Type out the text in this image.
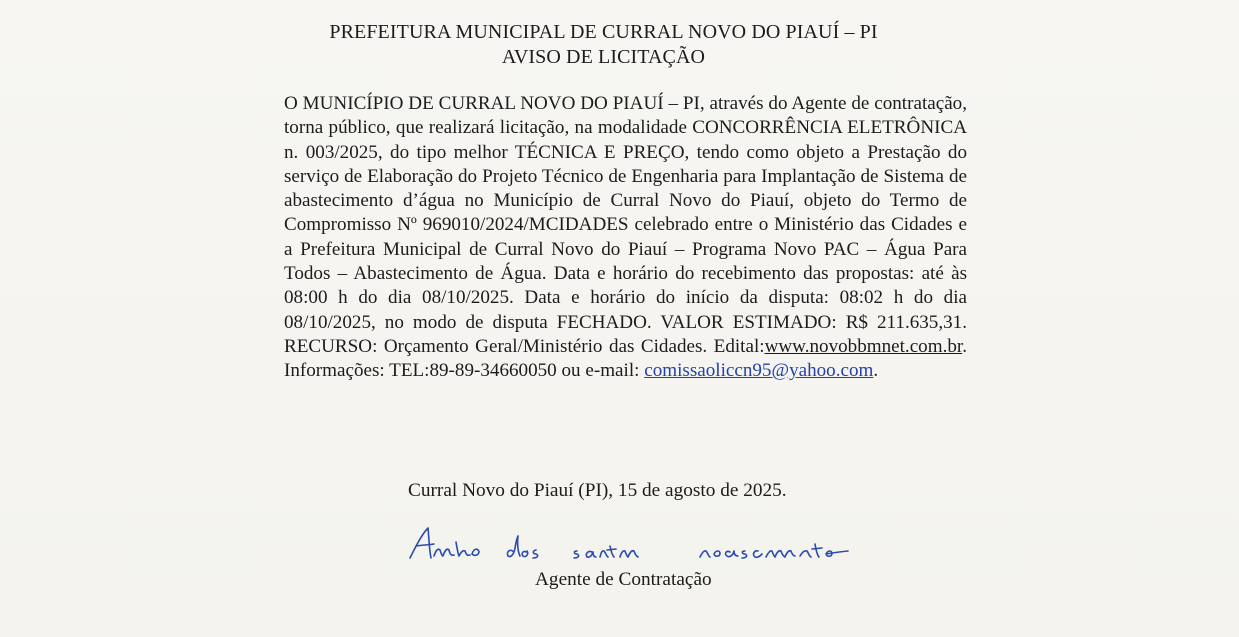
PREFEITURA MUNICIPAL DE CURRAL NOVO DO PIAUÍ – PI
AVISO DE LICITAÇÃO
O MUNICÍPIO DE CURRAL NOVO DO PIAUÍ – PI, através do Agente de contratação, torna público, que realizará licitação, na modalidade CONCORRÊNCIA ELETRÔNICA n. 003/2025, do tipo melhor TÉCNICA E PREÇO, tendo como objeto a Prestação do serviço de Elaboração do Projeto Técnico de Engenharia para Implantação de Sistema de abastecimento d’água no Município de Curral Novo do Piauí, objeto do Termo de Compromisso Nº 969010/2024/MCIDADES celebrado entre o Ministério das Cidades e a Prefeitura Municipal de Curral Novo do Piauí – Programa Novo PAC – Água Para Todos – Abastecimento de Água. Data e horário do recebimento das propostas: até às 08:00 h do dia 08/10/2025. Data e horário do início da disputa: 08:02 h do dia 08/10/2025, no modo de disputa FECHADO. VALOR ESTIMADO: R$ 211.635,31. RECURSO: Orçamento Geral/Ministério das Cidades. Edital:www.novobbmnet.com.br. Informações: TEL:89-89-34660050 ou e-mail: comissaoliccn95@yahoo.com.
Curral Novo do Piauí (PI), 15 de agosto de 2025.
Agente de Contratação
